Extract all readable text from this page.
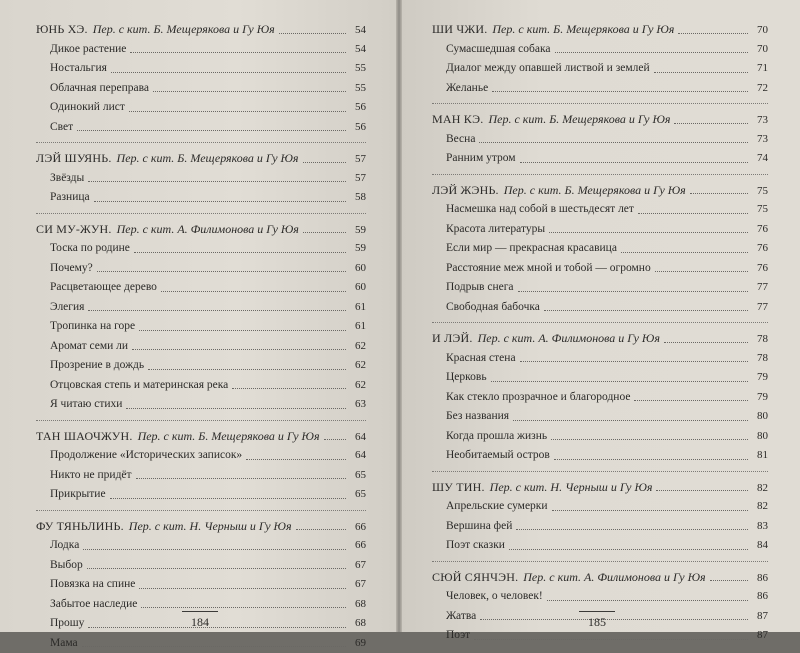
ЮНЬ ХЭ. Пер. с кит. Б. Мещерякова и Гу Юя	54
Дикое растение	54
Ностальгия	55
Облачная переправа	55
Одинокий лист	56
Свет	56
ЛЭЙ ШУЯНЬ. Пер. с кит. Б. Мещерякова и Гу Юя	57
Звёзды	57
Разница	58
СИ МУ-ЖУН. Пер. с кит. А. Филимонова и Гу Юя	59
Тоска по родине	59
Почему?	60
Расцветающее дерево	60
Элегия	61
Тропинка на горе	61
Аромат семи ли	62
Прозрение в дождь	62
Отцовская степь и материнская река	62
Я читаю стихи	63
ТАН ШАОЧЖУН. Пер. с кит. Б. Мещерякова и Гу Юя	64
Продолжение «Исторических записок»	64
Никто не придёт	65
Прикрытие	65
ФУ ТЯНЬЛИНЬ. Пер. с кит. Н. Черныш и Гу Юя	66
Лодка	66
Выбор	67
Повязка на спине	67
Забытое наследие	68
Прошу	68
Мама	69
184
ШИ ЧЖИ. Пер. с кит. Б. Мещерякова и Гу Юя	70
Сумасшедшая собака	70
Диалог между опавшей листвой и землей	71
Желанье	72
МАН КЭ. Пер. с кит. Б. Мещерякова и Гу Юя	73
Весна	73
Ранним утром	74
ЛЭЙ ЖЭНЬ. Пер. с кит. Б. Мещерякова и Гу Юя	75
Насмешка над собой в шестьдесят лет	75
Красота литературы	76
Если мир — прекрасная красавица	76
Расстояние меж мной и тобой — огромно	76
Подрыв снега	77
Свободная бабочка	77
И ЛЭЙ. Пер. с кит. А. Филимонова и Гу Юя	78
Красная стена	78
Церковь	79
Как стекло прозрачное и благородное	79
Без названия	80
Когда прошла жизнь	80
Необитаемый остров	81
ШУ ТИН. Пер. с кит. Н. Черныш и Гу Юя	82
Апрельские сумерки	82
Вершина фей	83
Поэт сказки	84
СЮЙ СЯНЧЭН. Пер. с кит. А. Филимонова и Гу Юя	86
Человек, о человек!	86
Жатва	87
Поэт	87
185
